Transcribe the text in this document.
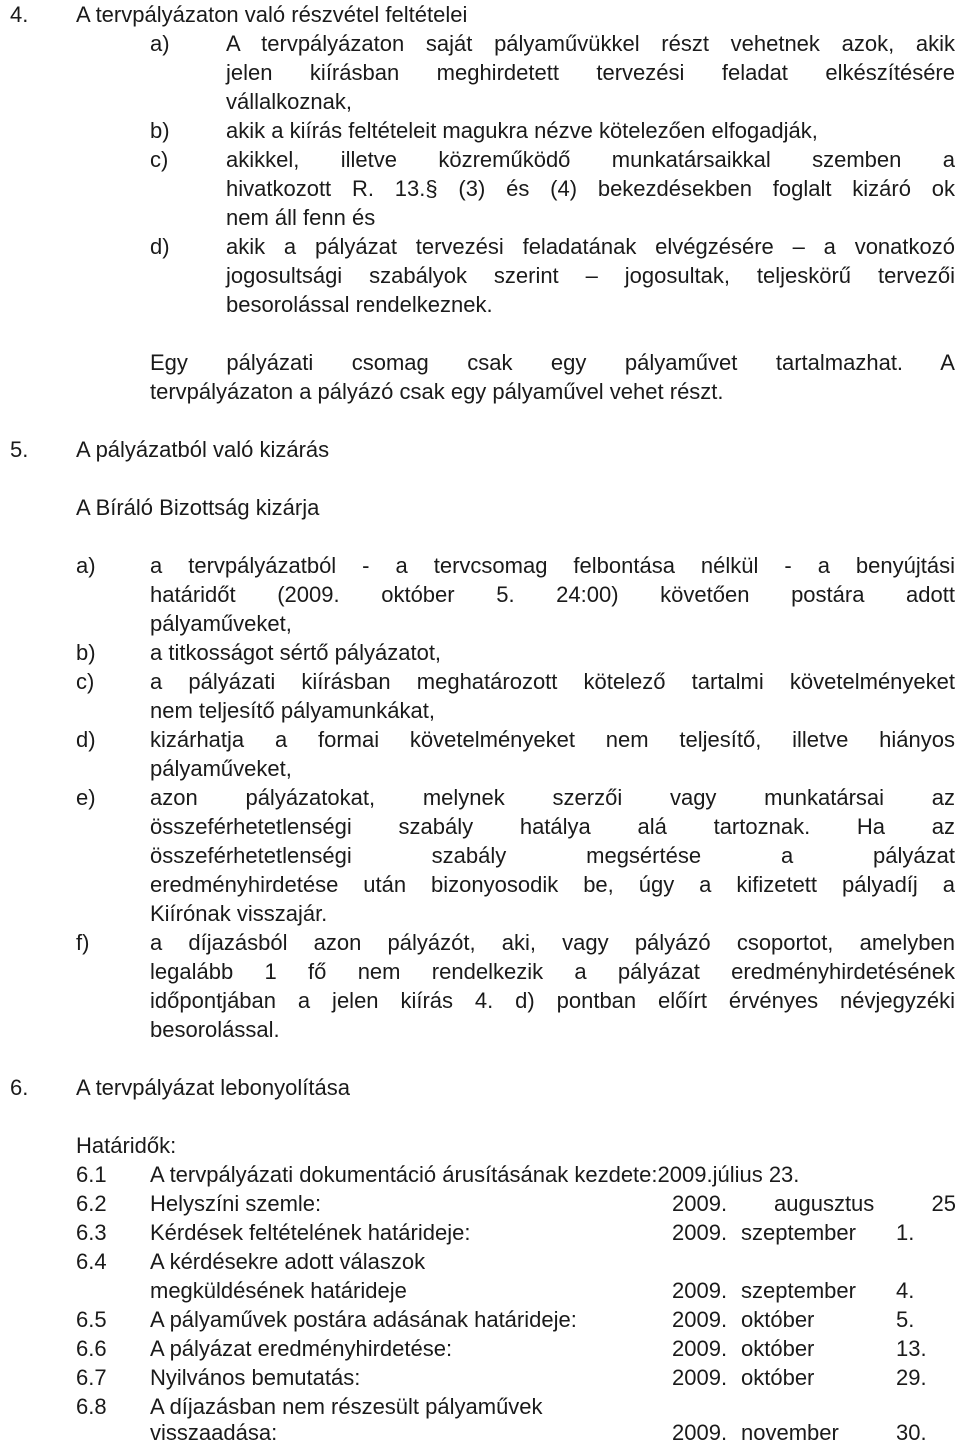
4. A tervpályázaton való részvétel feltételei
a)	A tervpályázaton saját pályaművükkel részt vehetnek azok, akik
jelen kiírásban meghirdetett tervezési feladat elkészítésére
vállalkoznak,
b)	akik a kiírás feltételeit magukra nézve kötelezően elfogadják,
c)	akikkel, illetve közreműködő munkatársaikkal szemben a
hivatkozott R. 13.§ (3) és (4) bekezdésekben foglalt kizáró ok
nem áll fenn és
d)	akik a pályázat tervezési feladatának elvégzésére – a vonatkozó
jogosultsági szabályok szerint – jogosultak, teljeskörű tervezői
besorolással rendelkeznek.
Egy pályázati csomag csak egy pályaművet tartalmazhat. A
tervpályázaton a pályázó csak egy pályaművel vehet részt.
5. A pályázatból való kizárás
A Bíráló Bizottság kizárja
a) a tervpályázatból - a tervcsomag felbontása nélkül - a benyújtási
határidőt (2009. október 5. 24:00) követően postára adott
pályaműveket,
b) a titkosságot sértő pályázatot,
c)	a pályázati kiírásban meghatározott kötelező tartalmi követelményeket
nem teljesítő pályamunkákat,
d) kizárhatja a formai követelményeket nem teljesítő, illetve hiányos
pályaműveket,
e) azon pályázatokat, melynek szerzői vagy munkatársai az
összeférhetetlenségi szabály hatálya alá tartoznak. Ha az
összeférhetetlenségi szabály megsértése a pályázat
eredményhirdetése után bizonyosodik be, úgy a kifizetett pályadíj a
Kiírónak visszajár.
f)	a díjazásból azon pályázót, aki, vagy pályázó csoportot, amelyben
legalább 1 fő nem rendelkezik a pályázat eredményhirdetésének
időpontjában a jelen kiírás 4. d) pontban előírt érvényes névjegyzéki
besorolással.
6. A tervpályázat lebonyolítása
Határidők:
6.1 A tervpályázati dokumentáció árusításának kezdete:2009.július 23.
6.2 Helyszíni szemle:	2009. augusztus	25
6.3 Kérdések feltételének határideje:	2009. szeptember 1.
6.4 A kérdésekre adott válaszok
megküldésének határideje	2009. szeptember 4.
6.5 A pályaművek postára adásának határideje:	2009. október	5.
6.6 A pályázat eredményhirdetése:	2009. október	13.
6.7 Nyilvános bemutatás:	2009. október	29.
6.8 A díjazásban nem részesült pályaművek
visszaadása:	2009. november	30.
